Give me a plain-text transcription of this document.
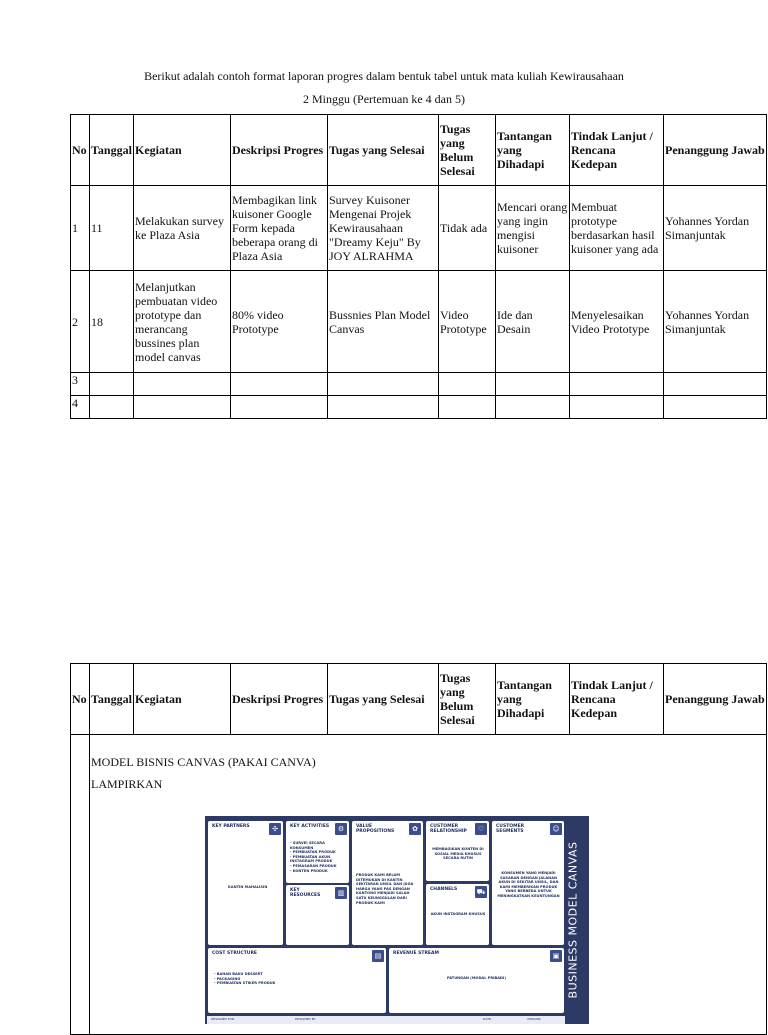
Berikut adalah contoh format laporan progres dalam bentuk tabel untuk mata kuliah Kewirausahaan
2 Minggu (Pertemuan ke 4 dan 5)
No	Tanggal	Kegiatan	Deskripsi Progres	Tugas yang Selesai	Tugas yang Belum Selesai	Tantangan yang Dihadapi	Tindak Lanjut / Rencana Kedepan	Penanggung Jawab
1	11	Melakukan survey ke Plaza Asia	Membagikan link kuisoner Google Form kepada beberapa orang di Plaza Asia	Survey Kuisoner Mengenai Projek Kewirausahaan "Dreamy Keju" By JOY ALRAHMA	Tidak ada	Mencari orang yang ingin mengisi kuisoner	Membuat prototype berdasarkan hasil kuisoner yang ada	Yohannes Yordan Simanjuntak
2	18	Melanjutkan pembuatan video prototype dan merancang bussines plan model canvas	80% video Prototype	Bussnies Plan Model Canvas	Video Prototype	Ide dan Desain	Menyelesaikan Video Prototype	Yohannes Yordan Simanjuntak
3								
4								
No	Tanggal	Kegiatan	Deskripsi Progres	Tugas yang Selesai	Tugas yang Belum Selesai	Tantangan yang Dihadapi	Tindak Lanjut / Rencana Kedepan	Penanggung Jawab

	MODEL BISNIS CANVAS (PAKAI CANVA)
LAMPIRKAN							
KEY PARTNERS	✣
KANTIN MAHALISIN
KEY ACTIVITIES	⚙
- SURVEI SECARA KONSUMEN
- PEMBUATAN PRODUK
- PEMBUATAN AKUN INSTAGRAM PRODUK
- PEMASARAN PRODUK
- KONTEN PRODUK
KEY RESOURCES	▥
VALUE PROPOSITIONS	✿
PRODUK KAMI BELUM DITEMUKAN DI KANTIN SEKITARAN UNSIL DAN JUGA HARGA YANG PAS DENGAN KANTONG MENJADI SALAH SATU KEUNGGULAN DARI PRODUK KAMI
CUSTOMER RELATIONSHIP	♡
MEMBAGIKAN KONTEN DI SOSIAL MEDIA KHUSUS SECARA RUTIN
CHANNELS	⛟
AKUN INSTAGRAM KHUSUS
CUSTOMER SEGMENTS	☺
KONSUMEN YANG MENJADI SASARAN DENGAN JALANAN AKUN DI SEKITAR UNSIL, DAN KAMI MEMBERIKAN PRODUK YANG BERBEDA UNTUK MENINGKATKAN KEUNTUNGAN
COST STRUCTURE	▤
- BAHAN BAKU DESSERT
- PACKAGING
- PEMBUATAN STIKER PRODUK
REVENUE STREAM	▣
PATUNGAN (MODAL PRIBADI)
DESIGNED FOR:	DESIGNED BY:	DATE:	VERSION:
BUSINESS MODEL CANVAS
